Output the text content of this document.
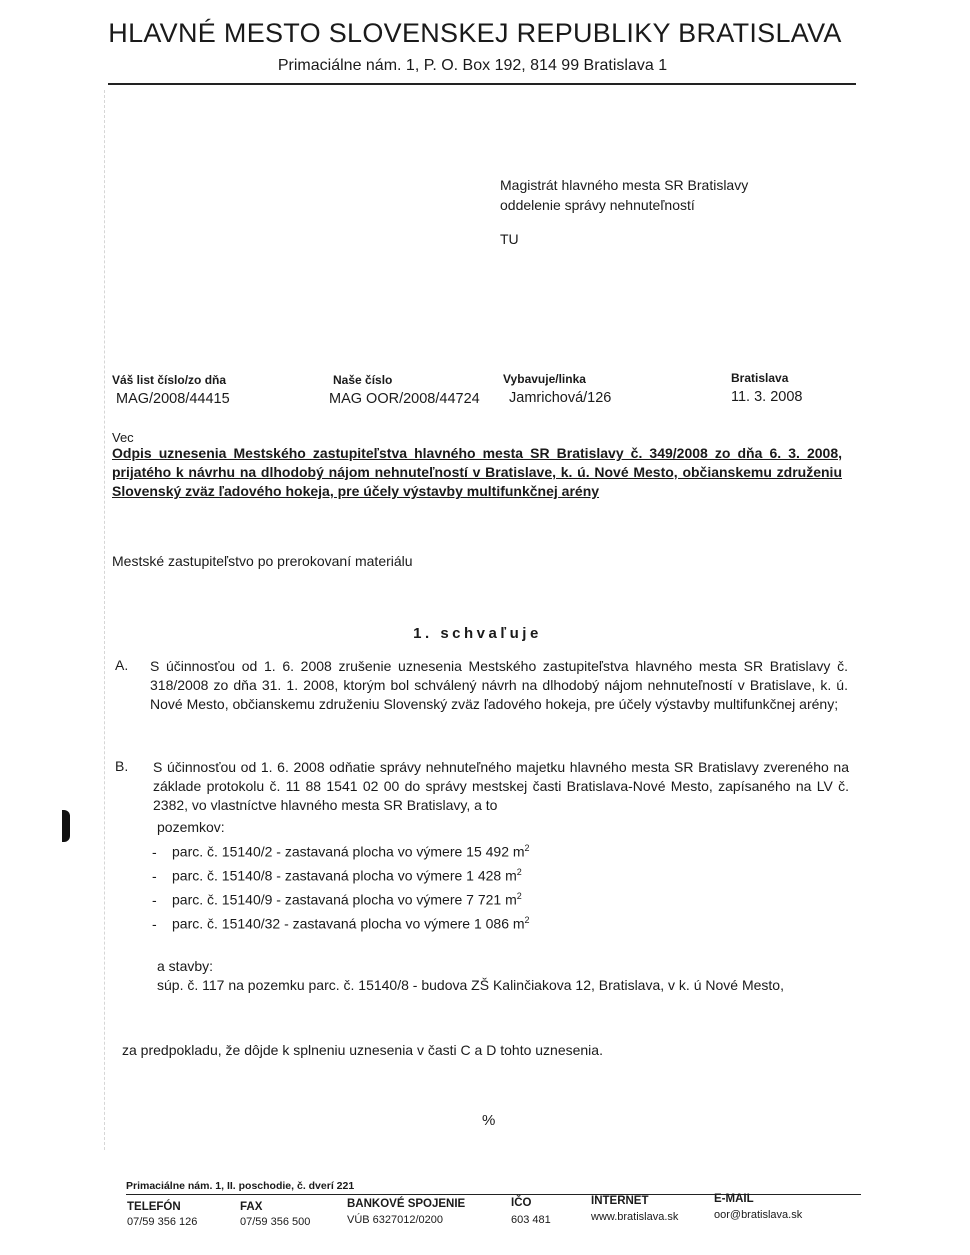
HLAVNÉ MESTO SLOVENSKEJ REPUBLIKY BRATISLAVA
Primaciálne nám. 1, P. O. Box 192, 814 99 Bratislava 1
Magistrát hlavného mesta SR Bratislavy
oddelenie správy nehnuteľností
TU
Váš list číslo/zo dňa
MAG/2008/44415
Naše číslo
MAG OOR/2008/44724
Vybavuje/linka
Jamrichová/126
Bratislava
11. 3. 2008
Vec
Odpis uznesenia Mestského zastupiteľstva hlavného mesta SR Bratislavy č. 349/2008 zo dňa 6. 3. 2008, prijatého k návrhu na dlhodobý nájom nehnuteľností v Bratislave, k. ú. Nové Mesto, občianskemu združeniu Slovenský zväz ľadového hokeja, pre účely výstavby multifunkčnej arény
Mestské zastupiteľstvo po prerokovaní materiálu
1. schvaľuje
A. S účinnosťou od 1. 6. 2008 zrušenie uznesenia Mestského zastupiteľstva hlavného mesta SR Bratislavy č. 318/2008 zo dňa 31. 1. 2008, ktorým bol schválený návrh na dlhodobý nájom nehnuteľností v Bratislave, k. ú. Nové Mesto, občianskemu združeniu Slovenský zväz ľadového hokeja, pre účely výstavby multifunkčnej arény;
B. S účinnosťou od 1. 6. 2008 odňatie správy nehnuteľného majetku hlavného mesta SR Bratislavy zvereného na základe protokolu č. 11 88 1541 02 00 do správy mestskej časti Bratislava-Nové Mesto, zapísaného na LV č. 2382, vo vlastníctve hlavného mesta SR Bratislavy, a to
pozemkov:
- parc. č. 15140/2 - zastavaná plocha vo výmere 15 492 $m^2$
- parc. č. 15140/8 - zastavaná plocha vo výmere 1 428 $m^2$
- parc. č. 15140/9 - zastavaná plocha vo výmere 7 721 $m^2$
- parc. č. 15140/32 - zastavaná plocha vo výmere 1 086 $m^2$
a stavby:
súp. č. 117 na pozemku parc. č. 15140/8 - budova ZŠ Kalinčiakova 12, Bratislava, v k. ú Nové Mesto,
za predpokladu, že dôjde k splneniu uznesenia v časti C a D tohto uznesenia.
%
Primaciálne nám. 1, II. poschodie, č. dverí 221
TELEFÓN
07/59 356 126
FAX
07/59 356 500
BANKOVÉ SPOJENIE
VÚB 6327012/0200
IČO
603 481
INTERNET
www.bratislava.sk
E-MAIL
oor@bratislava.sk
